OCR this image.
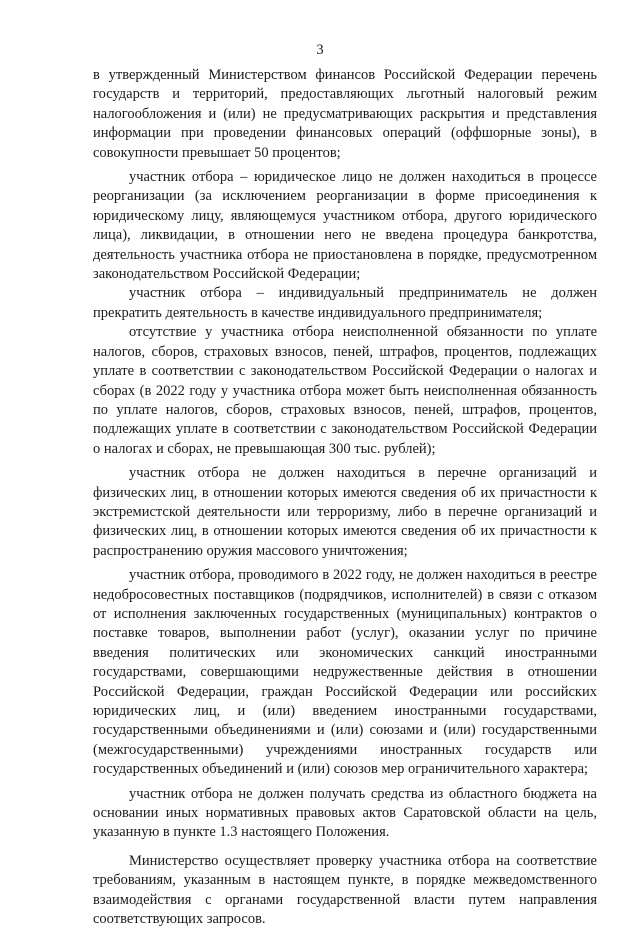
3

в утвержденный Министерством финансов Российской Федерации перечень государств и территорий, предоставляющих льготный налоговый режим налогообложения и (или) не предусматривающих раскрытия и представления информации при проведении финансовых операций (оффшорные зоны), в совокупности превышает 50 процентов;

участник отбора – юридическое лицо не должен находиться в процессе реорганизации (за исключением реорганизации в форме присоединения к юридическому лицу, являющемуся участником отбора, другого юридического лица), ликвидации, в отношении него не введена процедура банкротства, деятельность участника отбора не приостановлена в порядке, предусмотренном законодательством Российской Федерации;

участник отбора – индивидуальный предприниматель не должен прекратить деятельность в качестве индивидуального предпринимателя;

отсутствие у участника отбора неисполненной обязанности по уплате налогов, сборов, страховых взносов, пеней, штрафов, процентов, подлежащих уплате в соответствии с законодательством Российской Федерации о налогах и сборах (в 2022 году у участника отбора может быть неисполненная обязанность по уплате налогов, сборов, страховых взносов, пеней, штрафов, процентов, подлежащих уплате в соответствии с законодательством Российской Федерации о налогах и сборах, не превышающая 300 тыс. рублей);

участник отбора не должен находиться в перечне организаций и физических лиц, в отношении которых имеются сведения об их причастности к экстремистской деятельности или терроризму, либо в перечне организаций и физических лиц, в отношении которых имеются сведения об их причастности к распространению оружия массового уничтожения;

участник отбора, проводимого в 2022 году, не должен находиться в реестре недобросовестных поставщиков (подрядчиков, исполнителей) в связи с отказом от исполнения заключенных государственных (муниципальных) контрактов о поставке товаров, выполнении работ (услуг), оказании услуг по причине введения политических или экономических санкций иностранными государствами, совершающими недружественные действия в отношении Российской Федерации, граждан Российской Федерации или российских юридических лиц, и (или) введением иностранными государствами, государственными объединениями и (или) союзами и (или) государственными (межгосударственными) учреждениями иностранных государств или государственных объединений и (или) союзов мер ограничительного характера;

участник отбора не должен получать средства из областного бюджета на основании иных нормативных правовых актов Саратовской области на цель, указанную в пункте 1.3 настоящего Положения.

Министерство осуществляет проверку участника отбора на соответствие требованиям, указанным в настоящем пункте, в порядке межведомственного взаимодействия с органами государственной власти путем направления соответствующих запросов.
